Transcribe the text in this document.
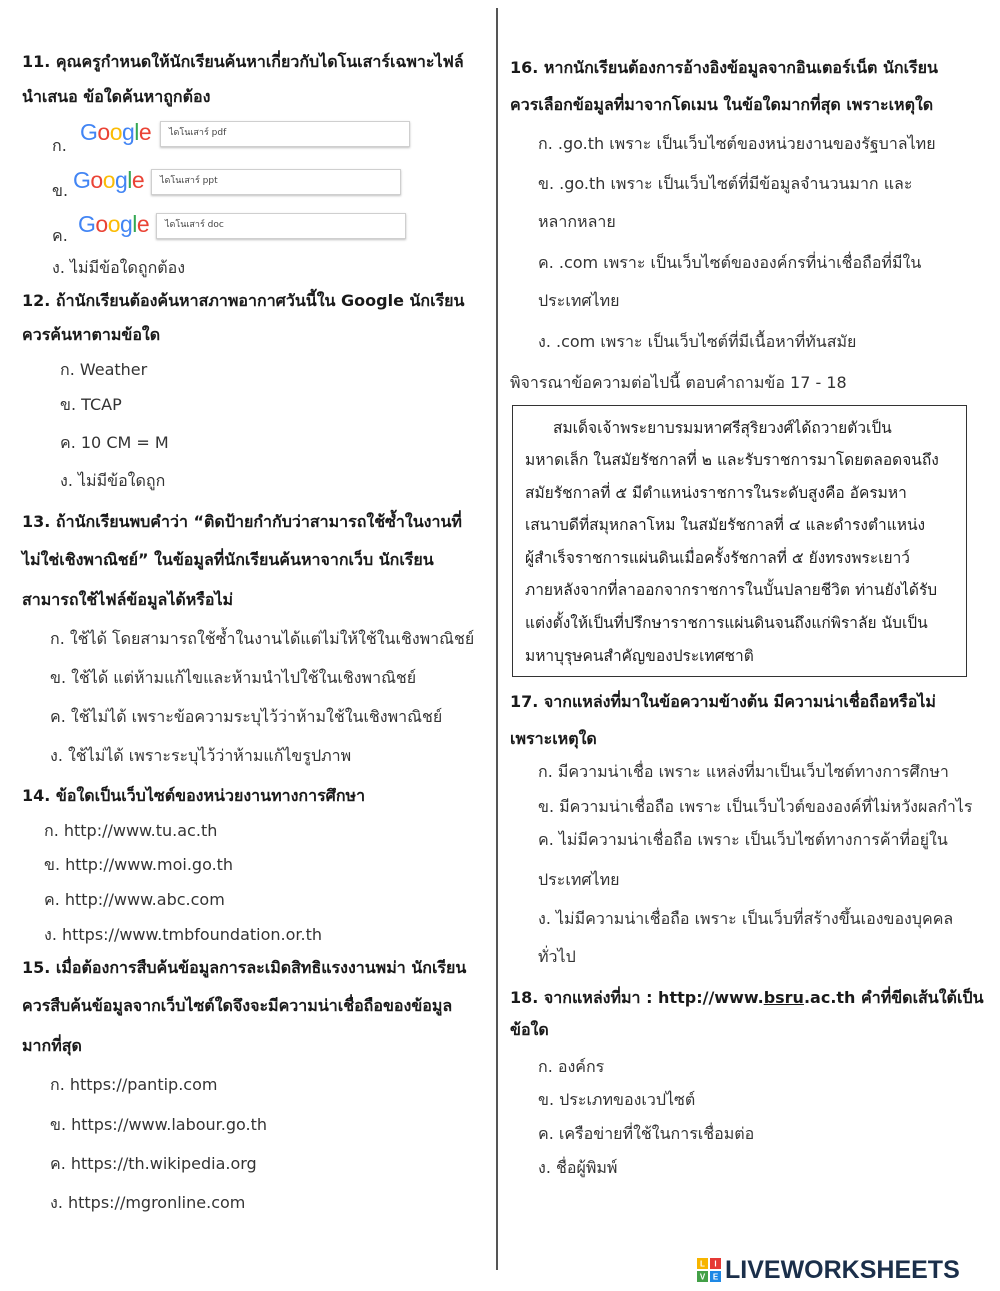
11. คุณครูกำหนดให้นักเรียนค้นหาเกี่ยวกับไดโนเสาร์เฉพาะไฟล์
นำเสนอ ข้อใดค้นหาถูกต้อง
ก.
Google	ไดโนเสาร์ pdf
ข. Google	ไดโนเสาร์ ppt
ค. Google	ไดโนเสาร์ doc
ง. ไม่มีข้อใดถูกต้อง
12. ถ้านักเรียนต้องค้นหาสภาพอากาศวันนี้ใน Google นักเรียน
ควรค้นหาตามข้อใด
ก. Weather
ข. TCAP
ค. 10 CM = M
ง. ไม่มีข้อใดถูก
13. ถ้านักเรียนพบคำว่า “ติดป้ายกำกับว่าสามารถใช้ซ้ำในงานที่
ไม่ใช่เชิงพาณิชย์” ในข้อมูลที่นักเรียนค้นหาจากเว็บ นักเรียน
สามารถใช้ไฟล์ข้อมูลได้หรือไม่
ก. ใช้ได้ โดยสามารถใช้ซ้ำในงานได้แต่ไม่ให้ใช้ในเชิงพาณิชย์
ข. ใช้ได้ แต่ห้ามแก้ไขและห้ามนำไปใช้ในเชิงพาณิชย์
ค. ใช้ไม่ได้ เพราะข้อความระบุไว้ว่าห้ามใช้ในเชิงพาณิชย์
ง. ใช้ไม่ได้ เพราะระบุไว้ว่าห้ามแก้ไขรูปภาพ
14. ข้อใดเป็นเว็บไซต์ของหน่วยงานทางการศึกษา
ก. http://www.tu.ac.th
ข. http://www.moi.go.th
ค. http://www.abc.com
ง. https://www.tmbfoundation.or.th
15. เมื่อต้องการสืบค้นข้อมูลการละเมิดสิทธิแรงงานพม่า นักเรียน
ควรสืบค้นข้อมูลจากเว็บไซต์ใดจึงจะมีความน่าเชื่อถือของข้อมูล
มากที่สุด
ก. https://pantip.com
ข. https://www.labour.go.th
ค. https://th.wikipedia.org
ง. https://mgronline.com
16. หากนักเรียนต้องการอ้างอิงข้อมูลจากอินเตอร์เน็ต นักเรียน
ควรเลือกข้อมูลที่มาจากโดเมน ในข้อใดมากที่สุด เพราะเหตุใด
ก. .go.th เพราะ เป็นเว็บไซต์ของหน่วยงานของรัฐบาลไทย
ข. .go.th เพราะ เป็นเว็บไซต์ที่มีข้อมูลจำนวนมาก และ
หลากหลาย
ค. .com เพราะ เป็นเว็บไซต์ขององค์กรที่น่าเชื่อถือที่มีใน
ประเทศไทย
ง. .com เพราะ เป็นเว็บไซต์ที่มีเนื้อหาที่ทันสมัย
พิจารณาข้อความต่อไปนี้ ตอบคำถามข้อ 17 - 18
สมเด็จเจ้าพระยาบรมมหาศรีสุริยวงศ์ได้ถวายตัวเป็น
มหาดเล็ก ในสมัยรัชกาลที่ ๒ และรับราชการมาโดยตลอดจนถึง
สมัยรัชกาลที่ ๕ มีตำแหน่งราชการในระดับสูงคือ อัครมหา
เสนาบดีที่สมุหกลาโหม ในสมัยรัชกาลที่ ๔ และดำรงตำแหน่ง
ผู้สำเร็จราชการแผ่นดินเมื่อครั้งรัชกาลที่ ๕ ยังทรงพระเยาว์
ภายหลังจากที่ลาออกจากราชการในบั้นปลายชีวิต ท่านยังได้รับ
แต่งตั้งให้เป็นที่ปรึกษาราชการแผ่นดินจนถึงแก่พิราลัย นับเป็น
มหาบุรุษคนสำคัญของประเทศชาติ
17. จากแหล่งที่มาในข้อความข้างต้น มีความน่าเชื่อถือหรือไม่
เพราะเหตุใด
ก. มีความน่าเชื่อ เพราะ แหล่งที่มาเป็นเว็บไซต์ทางการศึกษา
ข. มีความน่าเชื่อถือ เพราะ เป็นเว็บไวต์ขององค์ที่ไม่หวังผลกำไร
ค. ไม่มีความน่าเชื่อถือ เพราะ เป็นเว็บไซต์ทางการค้าที่อยู่ใน
ประเทศไทย
ง. ไม่มีความน่าเชื่อถือ เพราะ เป็นเว็บที่สร้างขึ้นเองของบุคคล
ทั่วไป
18. จากแหล่งที่มา : http://www.bsru.ac.th คำที่ขีดเส้นใต้เป็น
ข้อใด
ก. องค์กร
ข. ประเภทของเวปไซต์
ค. เครือข่ายที่ใช้ในการเชื่อมต่อ
ง. ชื่อผู้พิมพ์
L I
V E LIVEWORKSHEETS
